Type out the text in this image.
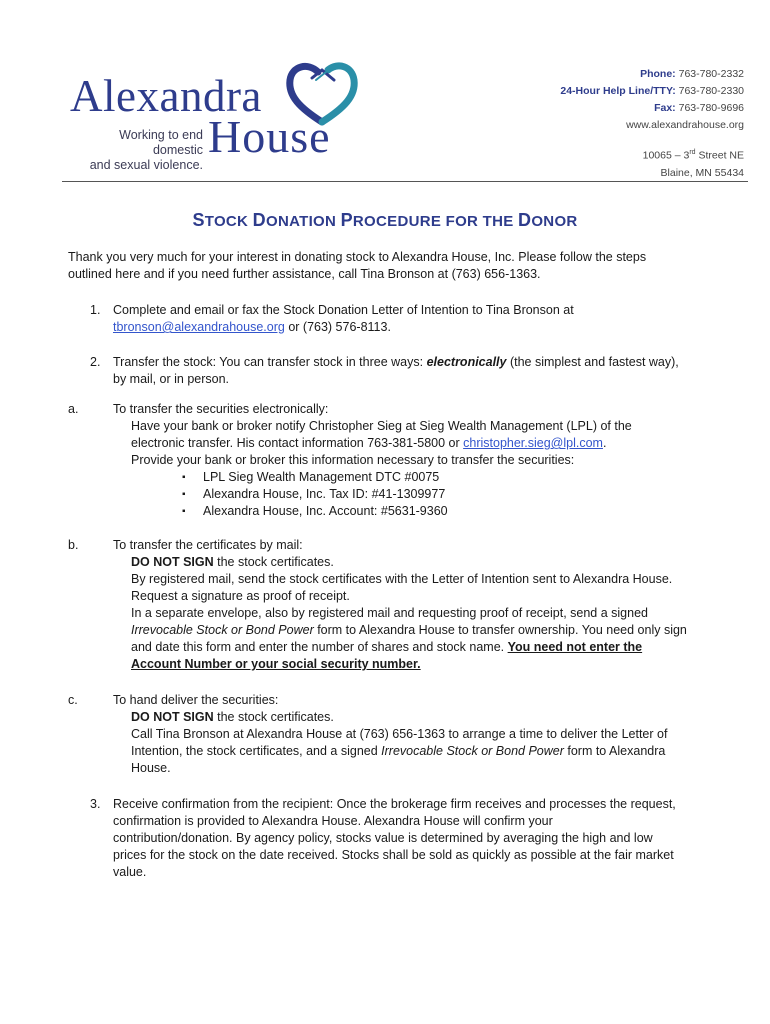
Alexandra
Working to end domestic
and sexual violence.
House
Phone: 763-780-2332
24-Hour Help Line/TTY: 763-780-2330
Fax: 763-780-9696
www.alexandrahouse.org
10065 – 3rd Street NE
Blaine, MN 55434
STOCK DONATION PROCEDURE FOR THE DONOR
Thank you very much for your interest in donating stock to Alexandra House, Inc. Please follow the steps
outlined here and if you need further assistance, call Tina Bronson at (763) 656-1363.
1. Complete and email or fax the Stock Donation Letter of Intention to Tina Bronson at
tbronson@alexandrahouse.org or (763) 576-8113.
2. Transfer the stock: You can transfer stock in three ways: electronically (the simplest and fastest way),
by mail, or in person.
a.	To transfer the securities electronically:
Have your bank or broker notify Christopher Sieg at Sieg Wealth Management (LPL) of the
electronic transfer. His contact information 763-381-5800 or christopher.sieg@lpl.com.
Provide your bank or broker this information necessary to transfer the securities:
▪ LPL Sieg Wealth Management DTC #0075
▪ Alexandra House, Inc. Tax ID: #41-1309977
▪ Alexandra House, Inc. Account: #5631-9360
b.	To transfer the certificates by mail:
DO NOT SIGN the stock certificates.
By registered mail, send the stock certificates with the Letter of Intention sent to Alexandra House.
Request a signature as proof of receipt.
In a separate envelope, also by registered mail and requesting proof of receipt, send a signed
Irrevocable Stock or Bond Power form to Alexandra House to transfer ownership. You need only sign
and date this form and enter the number of shares and stock name. You need not enter the
Account Number or your social security number.
c.	To hand deliver the securities:
DO NOT SIGN the stock certificates.
Call Tina Bronson at Alexandra House at (763) 656-1363 to arrange a time to deliver the Letter of
Intention, the stock certificates, and a signed Irrevocable Stock or Bond Power form to Alexandra
House.
3. Receive confirmation from the recipient: Once the brokerage firm receives and processes the request,
confirmation is provided to Alexandra House. Alexandra House will confirm your
contribution/donation. By agency policy, stocks value is determined by averaging the high and low
prices for the stock on the date received. Stocks shall be sold as quickly as possible at the fair market
value.
